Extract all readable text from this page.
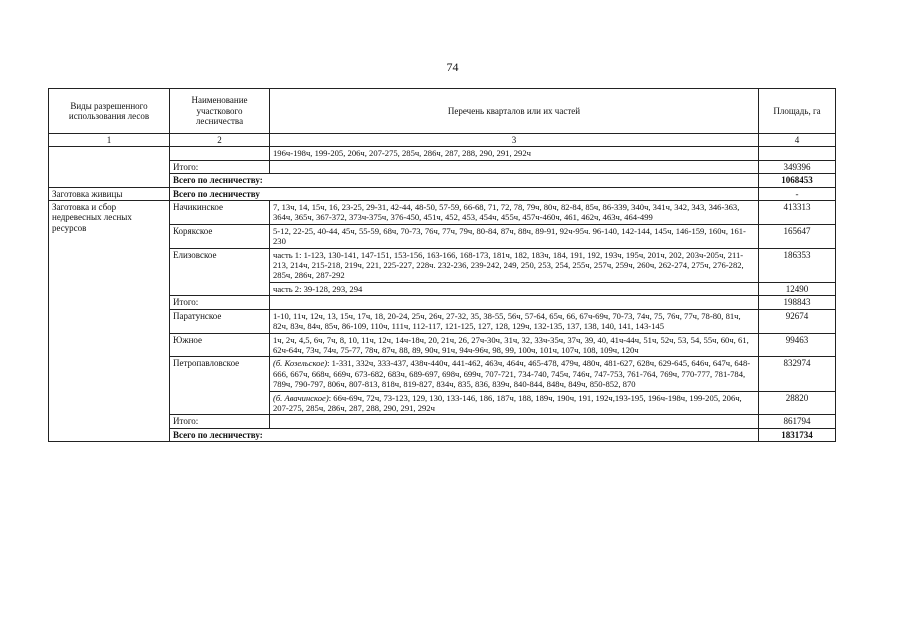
74
Виды разрешенного использования лесов	Наименование участкового лесничества	Перечень кварталов или их частей	Площадь, га
1	2	3	4
		196ч-198ч, 199-205, 206ч, 207-275, 285ч, 286ч, 287, 288, 290, 291, 292ч	
	Итого:		349396
	Всего по лесничеству:		1068453
Заготовка живицы	Всего по лесничеству		-
Заготовка и сбор недревесных лесных ресурсов	Начикинское	7, 13ч, 14, 15ч, 16, 23-25, 29-31, 42-44, 48-50, 57-59, 66-68, 71, 72, 78, 79ч, 80ч, 82-84, 85ч, 86-339, 340ч, 341ч, 342, 343, 346-363, 364ч, 365ч, 367-372, 373ч-375ч, 376-450, 451ч, 452, 453, 454ч, 455ч, 457ч-460ч, 461, 462ч, 463ч, 464-499	413313
	Корякское	5-12, 22-25, 40-44, 45ч, 55-59, 68ч, 70-73, 76ч, 77ч, 79ч, 80-84, 87ч, 88ч, 89-91, 92ч-95ч. 96-140, 142-144, 145ч, 146-159, 160ч, 161-230	165647
	Елизовское	часть 1: 1-123, 130-141, 147-151, 153-156, 163-166, 168-173, 181ч, 182, 183ч, 184, 191, 192, 193ч, 195ч, 201ч, 202, 203ч-205ч, 211-213, 214ч, 215-218, 219ч, 221, 225-227, 228ч. 232-236, 239-242, 249, 250, 253, 254, 255ч, 257ч, 259ч, 260ч, 262-274, 275ч, 276-282, 285ч, 286ч, 287-292	186353
		часть 2: 39-128, 293, 294	12490
	Итого:		198843
	Паратунское	1-10, 11ч, 12ч, 13, 15ч, 17ч, 18, 20-24, 25ч, 26ч, 27-32, 35, 38-55, 56ч, 57-64, 65ч, 66, 67ч-69ч, 70-73, 74ч, 75, 76ч, 77ч, 78-80, 81ч, 82ч, 83ч, 84ч, 85ч, 86-109, 110ч, 111ч, 112-117, 121-125, 127, 128, 129ч, 132-135, 137, 138, 140, 141, 143-145	92674
	Южное	1ч, 2ч, 4,5, 6ч, 7ч, 8, 10, 11ч, 12ч, 14ч-18ч, 20, 21ч, 26, 27ч-30ч, 31ч, 32, 33ч-35ч, 37ч, 39, 40, 41ч-44ч, 51ч, 52ч, 53, 54, 55ч, 60ч, 61, 62ч-64ч, 73ч, 74ч, 75-77, 78ч, 87ч, 88, 89, 90ч, 91ч, 94ч-96ч, 98, 99, 100ч, 101ч, 107ч, 108, 109ч, 120ч	99463
	Петропавловское	(б. Козельское): 1-331, 332ч, 333-437, 438ч-440ч, 441-462, 463ч, 464ч, 465-478, 479ч, 480ч, 481-627, 628ч, 629-645, 646ч, 647ч, 648-666, 667ч, 668ч, 669ч, 673-682, 683ч, 689-697, 698ч, 699ч, 707-721, 734-740, 745ч, 746ч, 747-753, 761-764, 769ч, 770-777, 781-784, 789ч, 790-797, 806ч, 807-813, 818ч, 819-827, 834ч, 835, 836, 839ч, 840-844, 848ч, 849ч, 850-852, 870	832974
		(б. Авачинское): 66ч-69ч, 72ч, 73-123, 129, 130, 133-146, 186, 187ч, 188, 189ч, 190ч, 191, 192ч,193-195, 196ч-198ч, 199-205, 206ч, 207-275, 285ч, 286ч, 287, 288, 290, 291, 292ч	28820
	Итого:		861794
	Всего по лесничеству:		1831734
